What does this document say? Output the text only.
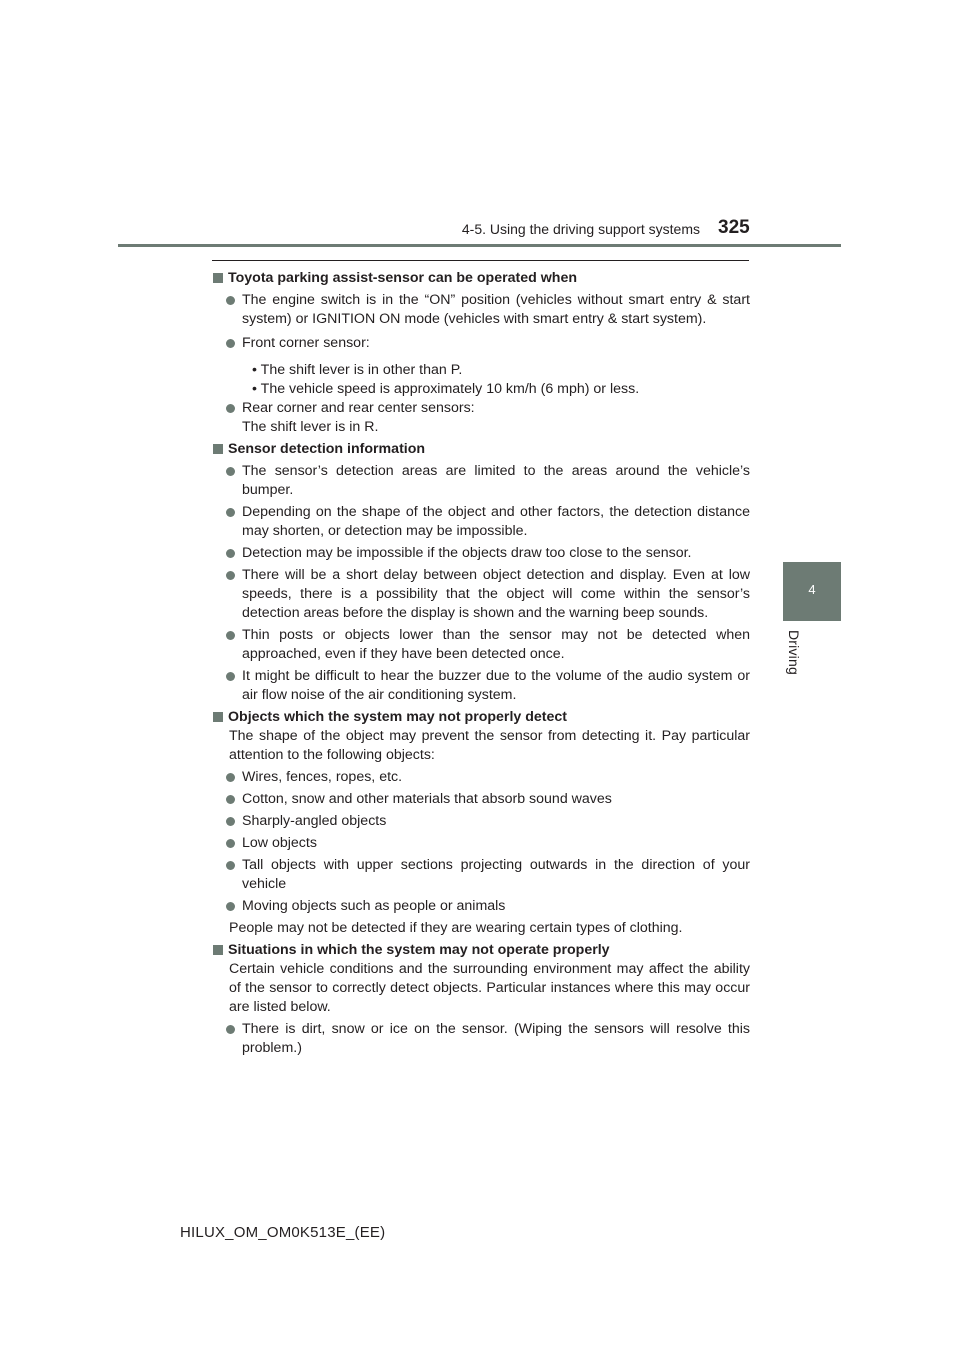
4-5. Using the driving support systems 325
4
Driving
Toyota parking assist-sensor can be operated when
The engine switch is in the “ON” position (vehicles without smart entry & start system) or IGNITION ON mode (vehicles with smart entry & start system).
Front corner sensor:
• The shift lever is in other than P.
• The vehicle speed is approximately 10 km/h (6 mph) or less.
Rear corner and rear center sensors:
The shift lever is in R.
Sensor detection information
The sensor’s detection areas are limited to the areas around the vehicle’s bumper.
Depending on the shape of the object and other factors, the detection distance may shorten, or detection may be impossible.
Detection may be impossible if the objects draw too close to the sensor.
There will be a short delay between object detection and display. Even at low speeds, there is a possibility that the object will come within the sensor’s detection areas before the display is shown and the warning beep sounds.
Thin posts or objects lower than the sensor may not be detected when approached, even if they have been detected once.
It might be difficult to hear the buzzer due to the volume of the audio system or air flow noise of the air conditioning system.
Objects which the system may not properly detect
The shape of the object may prevent the sensor from detecting it. Pay particular attention to the following objects:
Wires, fences, ropes, etc.
Cotton, snow and other materials that absorb sound waves
Sharply-angled objects
Low objects
Tall objects with upper sections projecting outwards in the direction of your vehicle
Moving objects such as people or animals
People may not be detected if they are wearing certain types of clothing.
Situations in which the system may not operate properly
Certain vehicle conditions and the surrounding environment may affect the ability of the sensor to correctly detect objects. Particular instances where this may occur are listed below.
There is dirt, snow or ice on the sensor. (Wiping the sensors will resolve this problem.)
HILUX_OM_OM0K513E_(EE)
